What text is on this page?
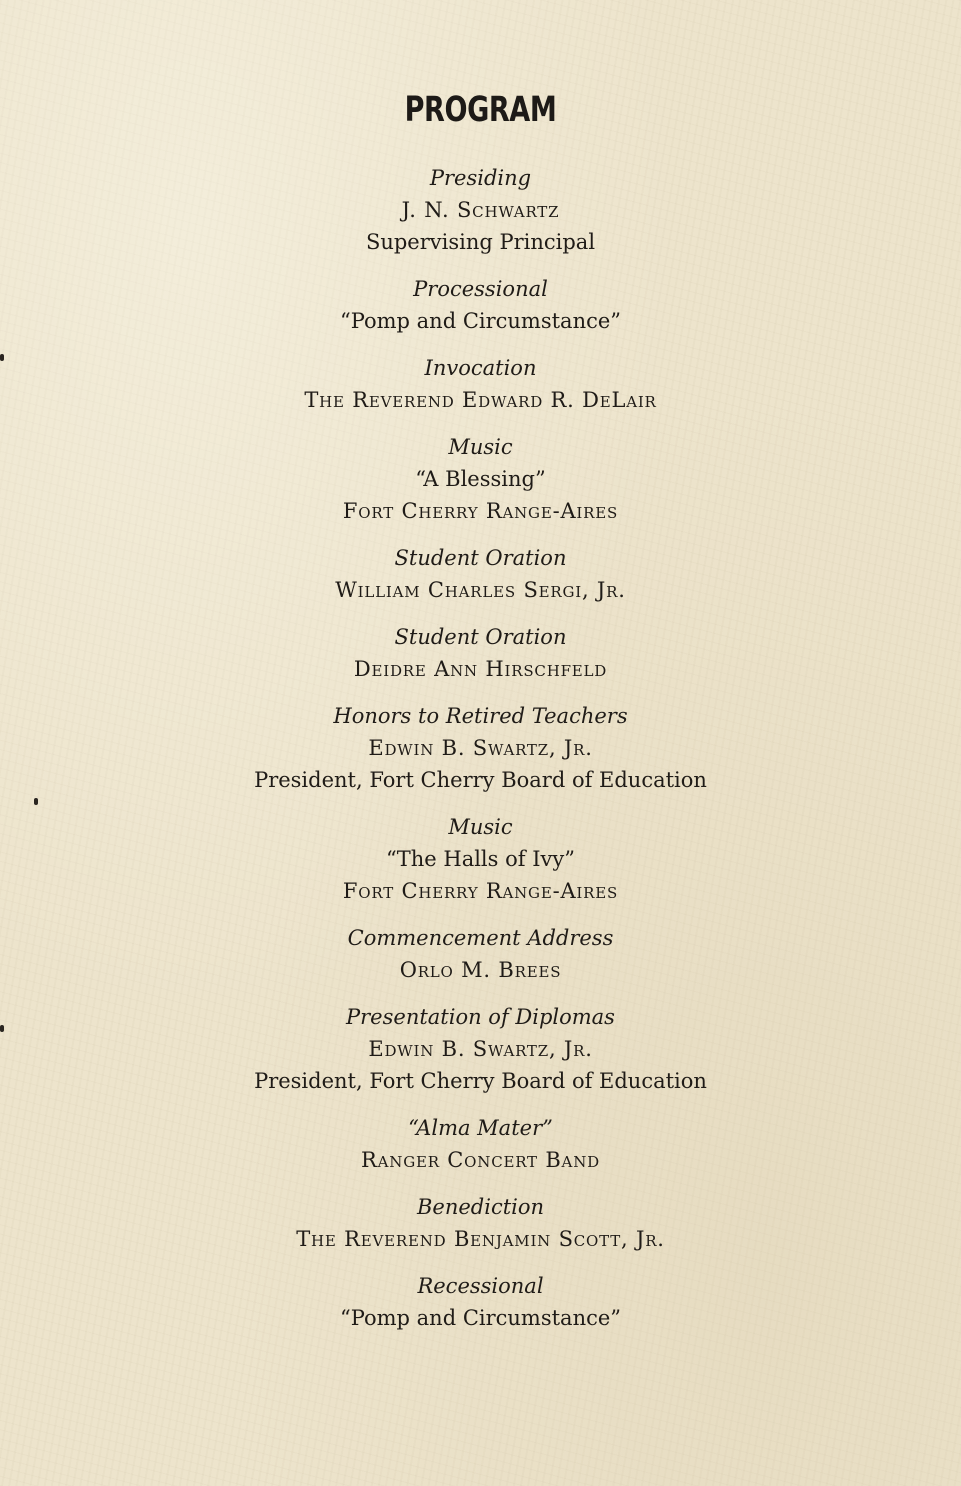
PROGRAM
Presiding
J. N. Schwartz
Supervising Principal
Processional
“Pomp and Circumstance”
Invocation
The Reverend Edward R. DeLair
Music
“A Blessing”
Fort Cherry Range-Aires
Student Oration
William Charles Sergi, Jr.
Student Oration
Deidre Ann Hirschfeld
Honors to Retired Teachers
Edwin B. Swartz, Jr.
President, Fort Cherry Board of Education
Music
“The Halls of Ivy”
Fort Cherry Range-Aires
Commencement Address
Orlo M. Brees
Presentation of Diplomas
Edwin B. Swartz, Jr.
President, Fort Cherry Board of Education
“Alma Mater”
Ranger Concert Band
Benediction
The Reverend Benjamin Scott, Jr.
Recessional
“Pomp and Circumstance”
